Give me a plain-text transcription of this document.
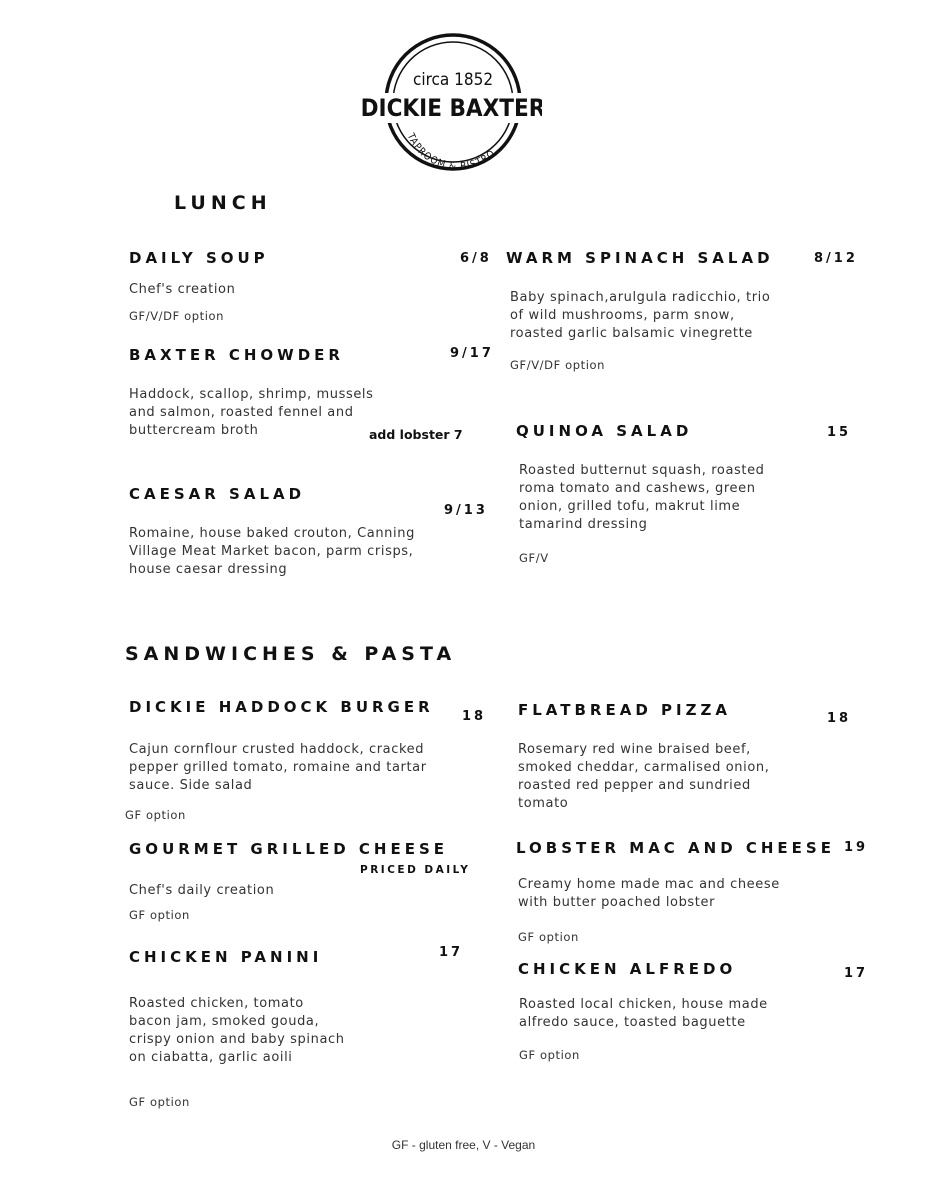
circa 1852
DICKIE BAXTER
TAPROOM & BISTRO
LUNCH
DAILY SOUP	6/8
Chef's creation
GF/V/DF option
BAXTER CHOWDER	9/17
Haddock, scallop, shrimp, mussels and salmon, roasted fennel and buttercream broth	add lobster 7
CAESAR SALAD
9/13
Romaine, house baked crouton, Canning Village Meat Market bacon, parm crisps, house caesar dressing
WARM SPINACH SALAD	8/12
Baby spinach,arulgula radicchio, trio of wild mushrooms, parm snow, roasted garlic balsamic vinegrette
GF/V/DF option
QUINOA SALAD	15
Roasted butternut squash, roasted roma tomato and cashews, green onion, grilled tofu, makrut lime tamarind dressing
GF/V
SANDWICHES & PASTA
DICKIE HADDOCK BURGER
18
Cajun cornflour crusted haddock, cracked pepper grilled tomato, romaine and tartar sauce. Side salad
GF option
GOURMET GRILLED CHEESE
PRICED DAILY
Chef's daily creation
GF option
CHICKEN PANINI	17
Roasted chicken, tomato bacon jam, smoked gouda, crispy onion and baby spinach on ciabatta, garlic aoili
GF option
FLATBREAD PIZZA	18
Rosemary red wine braised beef, smoked cheddar, carmalised onion, roasted red pepper and sundried tomato
LOBSTER MAC AND CHEESE 19
Creamy home made mac and cheese with butter poached lobster
GF option
CHICKEN ALFREDO	17
Roasted local chicken, house made alfredo sauce, toasted baguette
GF option
GF - gluten free, V - Vegan
